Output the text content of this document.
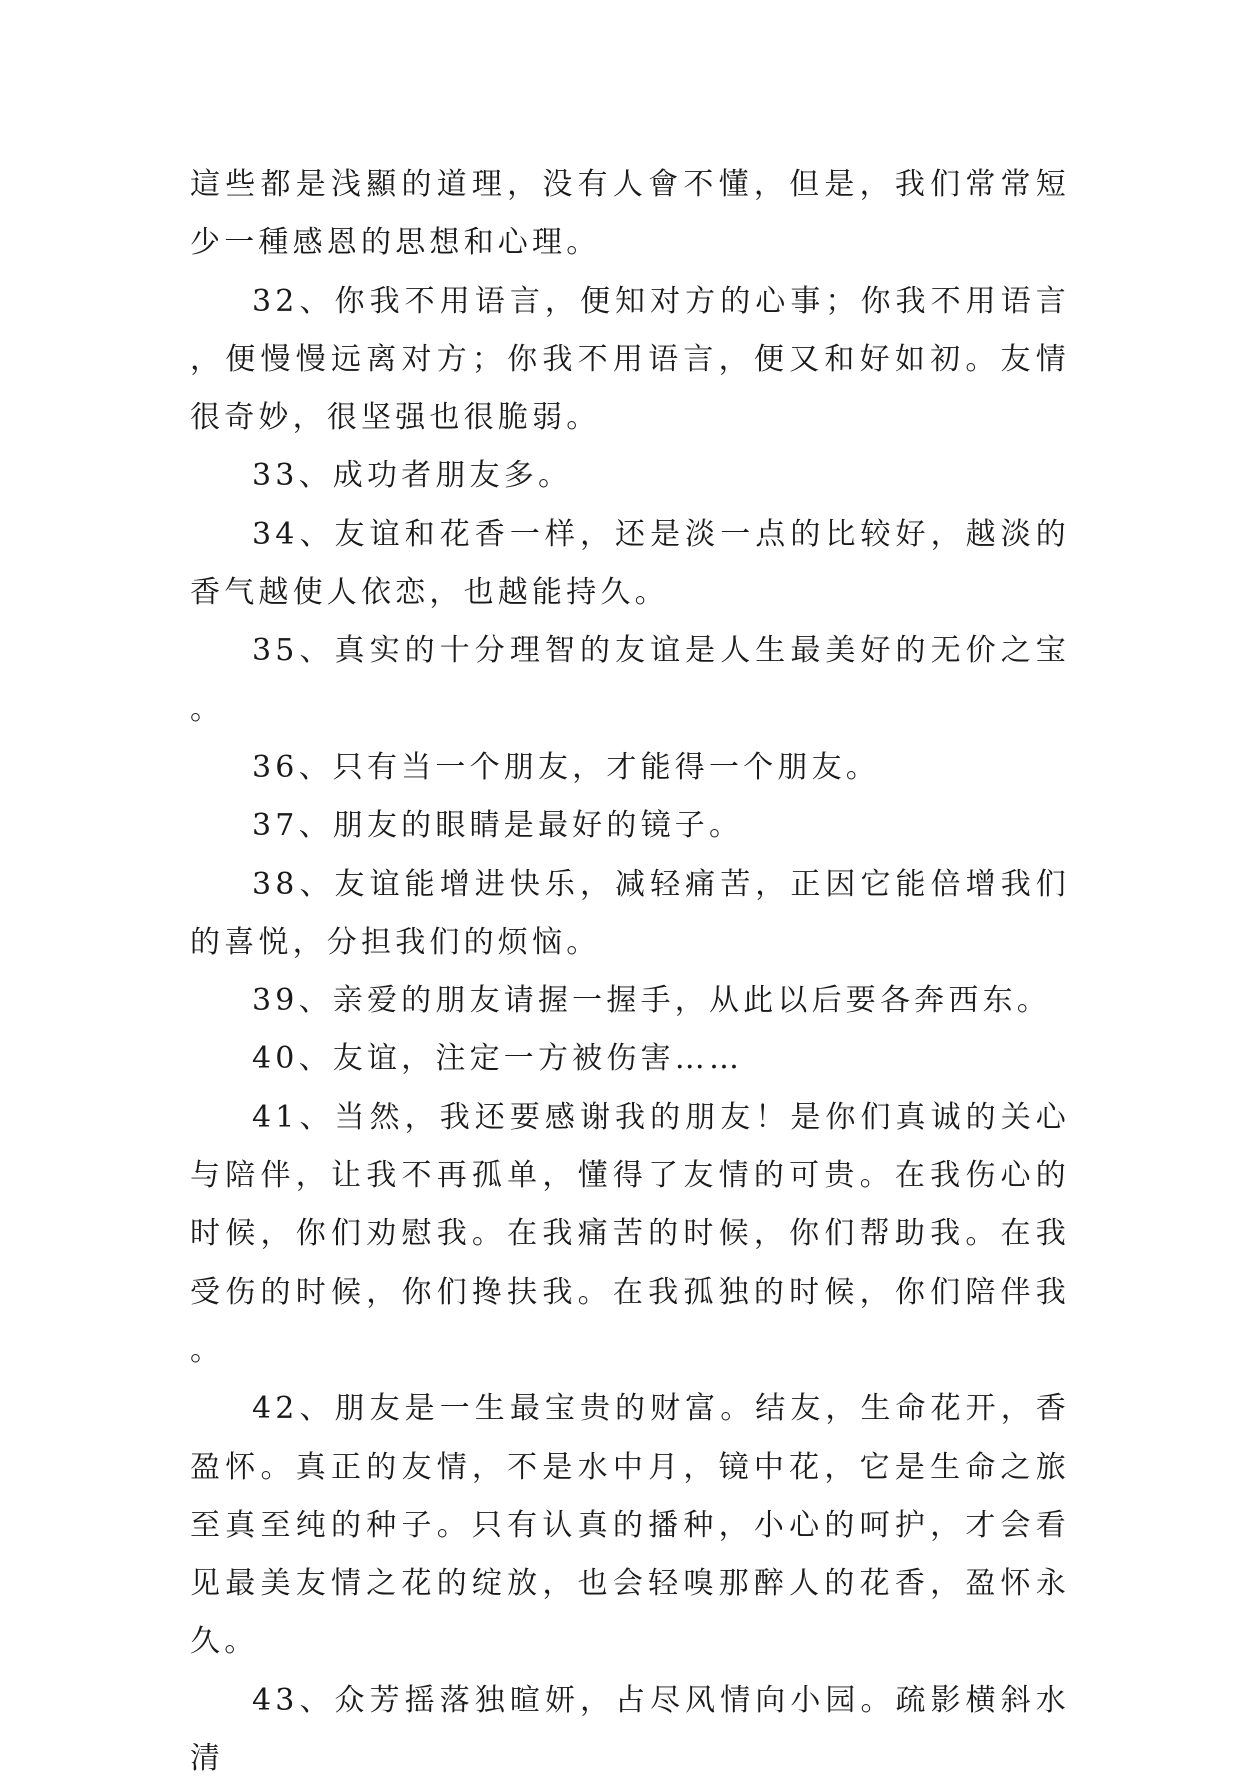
這些都是浅顯的道理，没有人會不懂，但是，我们常常短少一種感恩的思想和心理。

32、你我不用语言，便知对方的心事；你我不用语言，便慢慢远离对方；你我不用语言，便又和好如初。友情很奇妙，很坚强也很脆弱。

33、成功者朋友多。

34、友谊和花香一样，还是淡一点的比较好，越淡的香气越使人依恋，也越能持久。

35、真实的十分理智的友谊是人生最美好的无价之宝。

36、只有当一个朋友，才能得一个朋友。

37、朋友的眼睛是最好的镜子。

38、友谊能增进快乐，减轻痛苦，正因它能倍增我们的喜悦，分担我们的烦恼。

39、亲爱的朋友请握一握手，从此以后要各奔西东。

40、友谊，注定一方被伤害……

41、当然，我还要感谢我的朋友！是你们真诚的关心与陪伴，让我不再孤单，懂得了友情的可贵。在我伤心的时候，你们劝慰我。在我痛苦的时候，你们帮助我。在我受伤的时候，你们搀扶我。在我孤独的时候，你们陪伴我。

42、朋友是一生最宝贵的财富。结友，生命花开，香盈怀。真正的友情，不是水中月，镜中花，它是生命之旅至真至纯的种子。只有认真的播种，小心的呵护，才会看见最美友情之花的绽放，也会轻嗅那醉人的花香，盈怀永久。

43、众芳摇落独暄妍，占尽风情向小园。疏影横斜水清
